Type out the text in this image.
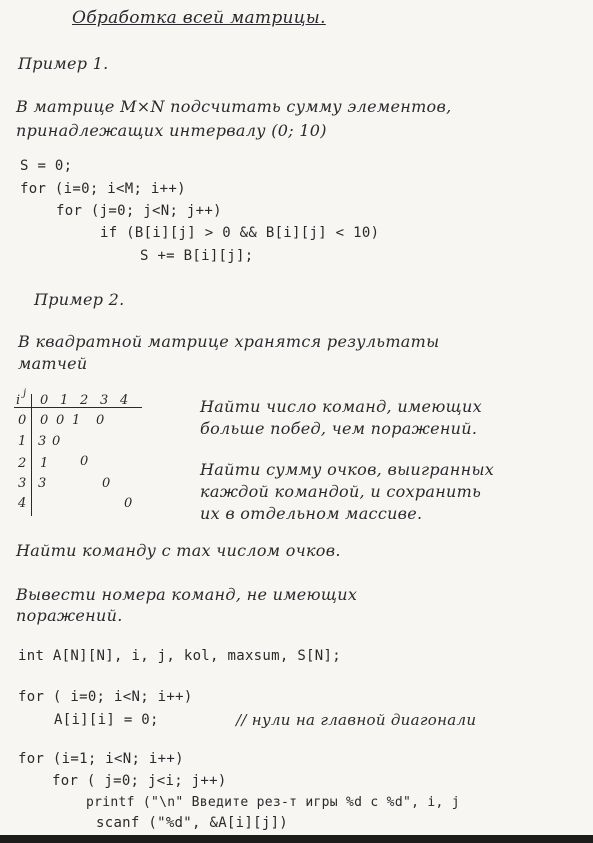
Обработка всей матрицы.
Пример 1.
В матрице M×N подсчитать сумму элементов,
принадлежащих интервалу (0; 10)
S = 0;
for (i=0; i<M; i++)
for (j=0; j<N; j++)
if (B[i][j] > 0 && B[i][j] < 10)
S += B[i][j];
Пример 2.
В квадратной матрице хранятся результаты
матчей
i j 0 1 2 3 4
0
1
2
3
4
0 0 1 0
3 0
1 0
3	0
0
Найти число команд, имеющих
больше побед, чем поражений.
Найти сумму очков, выигранных
каждой командой, и сохранить
их в отдельном массиве.
Найти команду с max числом очков.
Вывести номера команд, не имеющих
поражений.
int A[N][N], i, j, kol, maxsum, S[N];
for ( i=0; i<N; i++)
A[i][i] = 0;	// нули на главной диагонали
for (i=1; i<N; i++)
for ( j=0; j<i; j++)
printf ("\n" Введите рез-т игры %d c %d", i, j
scanf ("%d", &A[i][j])
